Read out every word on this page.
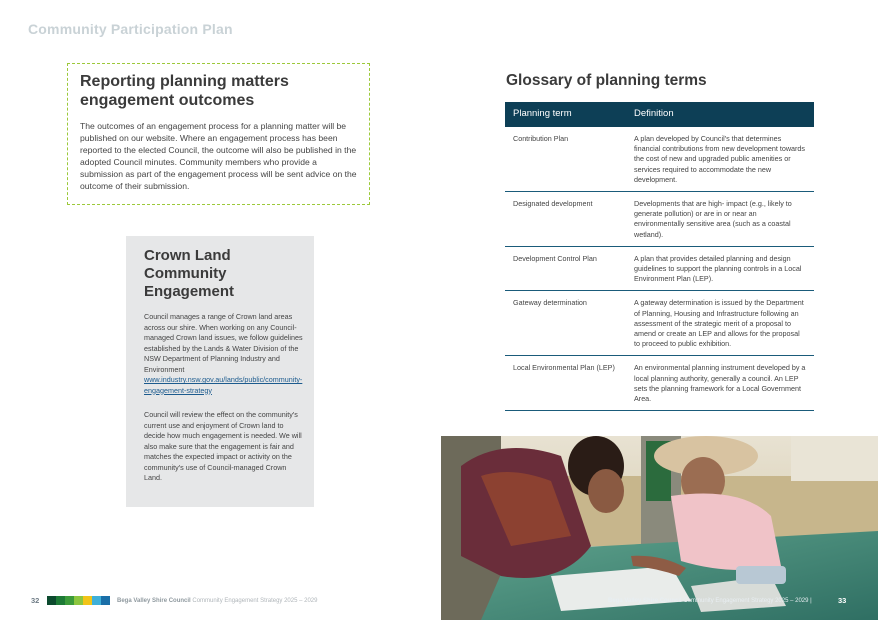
Community Participation Plan
Reporting planning matters
engagement outcomes
The outcomes of an engagement process for a planning matter will be published on our website. Where an engagement process has been reported to the elected Council, the outcome will also be published in the adopted Council minutes. Community members who provide a submission as part of the engagement process will be sent advice on the outcome of their submission.
Crown Land
Community
Engagement
Council manages a range of Crown land areas across our shire. When working on any Council-managed Crown land issues, we follow guidelines established by the Lands & Water Division of the NSW Department of Planning Industry and Environment www.industry.nsw.gov.au/lands/public/community-engagement-strategy
Council will review the effect on the community's current use and enjoyment of Crown land to decide how much engagement is needed. We will also make sure that the engagement is fair and matches the expected impact or activity on the community's use of Council-managed Crown Land.
Glossary of planning terms
Planning term	Definition
Contribution Plan	A plan developed by Council's that determines financial contributions from new development towards the cost of new and upgraded public amenities or services required to accommodate the new development.
Designated development	Developments that are high- impact (e.g., likely to generate pollution) or are in or near an environmentally sensitive area (such as a coastal wetland).
Development Control Plan	A plan that provides detailed planning and design guidelines to support the planning controls in a Local Environment Plan (LEP).
Gateway determination	A gateway determination is issued by the Department of Planning, Housing and Infrastructure following an assessment of the strategic merit of a proposal to amend or create an LEP and allows for the proposal to proceed to public exhibition.
Local Environmental Plan (LEP)	An environmental planning instrument developed by a local planning authority, generally a council. An LEP sets the planning framework for a Local Government Area.
32	Bega Valley Shire Council Community Engagement Strategy 2025 – 2029	Bega Valley Shire Council Community Engagement Strategy 2025 – 2029 |	33
